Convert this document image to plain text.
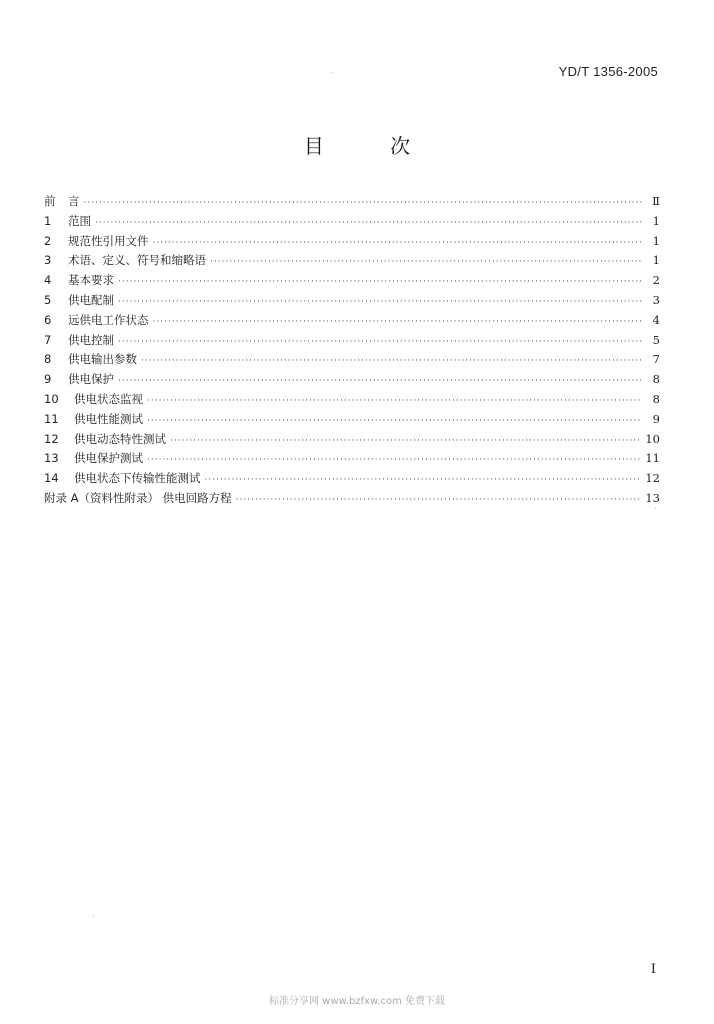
YD/T 1356-2005
目	次
前	言 ·····	Ⅱ
1	范围 ·····	1
2	规范性引用文件 ·····	1
3	术语、定义、符号和缩略语 ·····	1
4	基本要求 ·····	2
5	供电配制 ·····	3
6	远供电工作状态 ·····	4
7	供电控制 ·····	5
8	供电输出参数 ·····	7
9	供电保护 ·····	8
10	供电状态监视 ·····	8
11	供电性能测试 ·····	9
12	供电动态特性测试 ·····	10
13	供电保护测试 ·····	11
14	供电状态下传输性能测试 ·····	12
附录 A （资料性附录） 供电回路方程 ·····	13
I
标准分享网 www.bzfxw.com 免费下载
